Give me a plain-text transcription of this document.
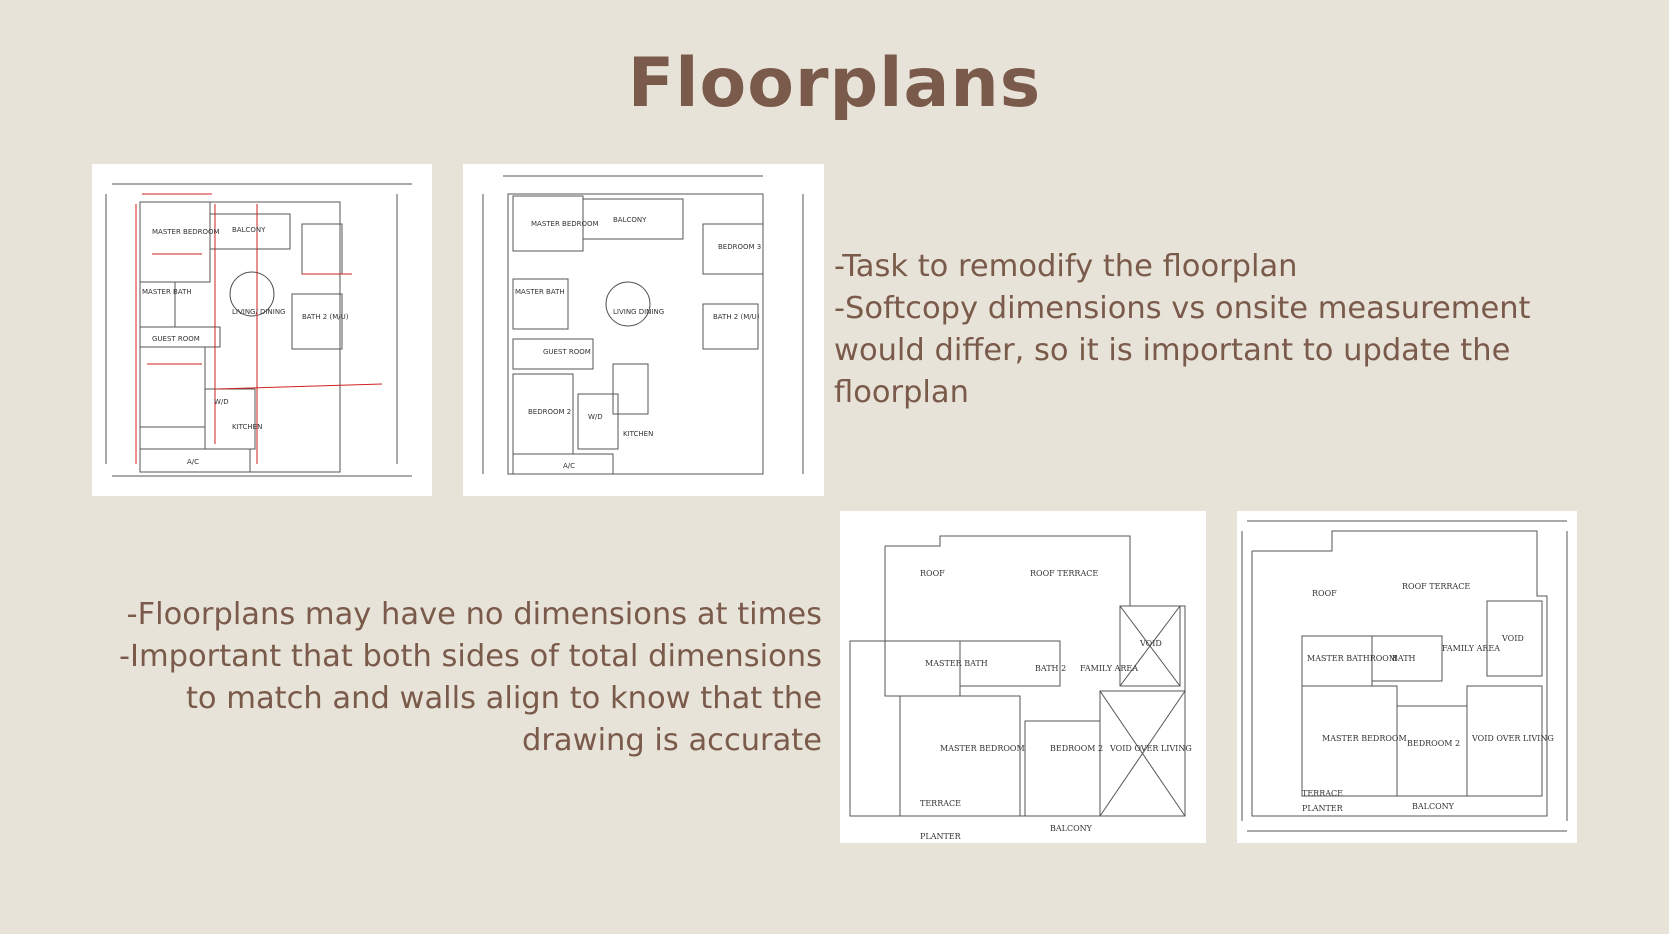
Floorplans
MASTER BEDROOM BALCONY
MASTER BATH
LIVING/ DINING
BATH 2 (M/U)
GUEST ROOM
KITCHEN
W/D
A/C
MASTER BEDROOM BALCONY
BEDROOM 3
MASTER BATH
LIVING DINING
BATH 2 (M/U)
GUEST ROOM
BEDROOM 2
W/D
KITCHEN
A/C
ROOF	ROOF TERRACE
MASTER BATH
BATH 2 FAMILY AREA
VOID
MASTER BEDROOM	BEDROOM 2 VOID OVER LIVING
TERRACE
PLANTER
BALCONY
ROOF
ROOF TERRACE
MASTER BATHROOM
BATH
FAMILY AREA
VOID
MASTER BEDROOM
BEDROOM 2
VOID OVER LIVING
TERRACE
PLANTER	BALCONY
-Task to remodify the floorplan
-Softcopy dimensions vs onsite measurement
would differ, so it is important to update the
floorplan
-Floorplans may have no dimensions at times
-Important that both sides of total dimensions
to match and walls align to know that the
drawing is accurate
